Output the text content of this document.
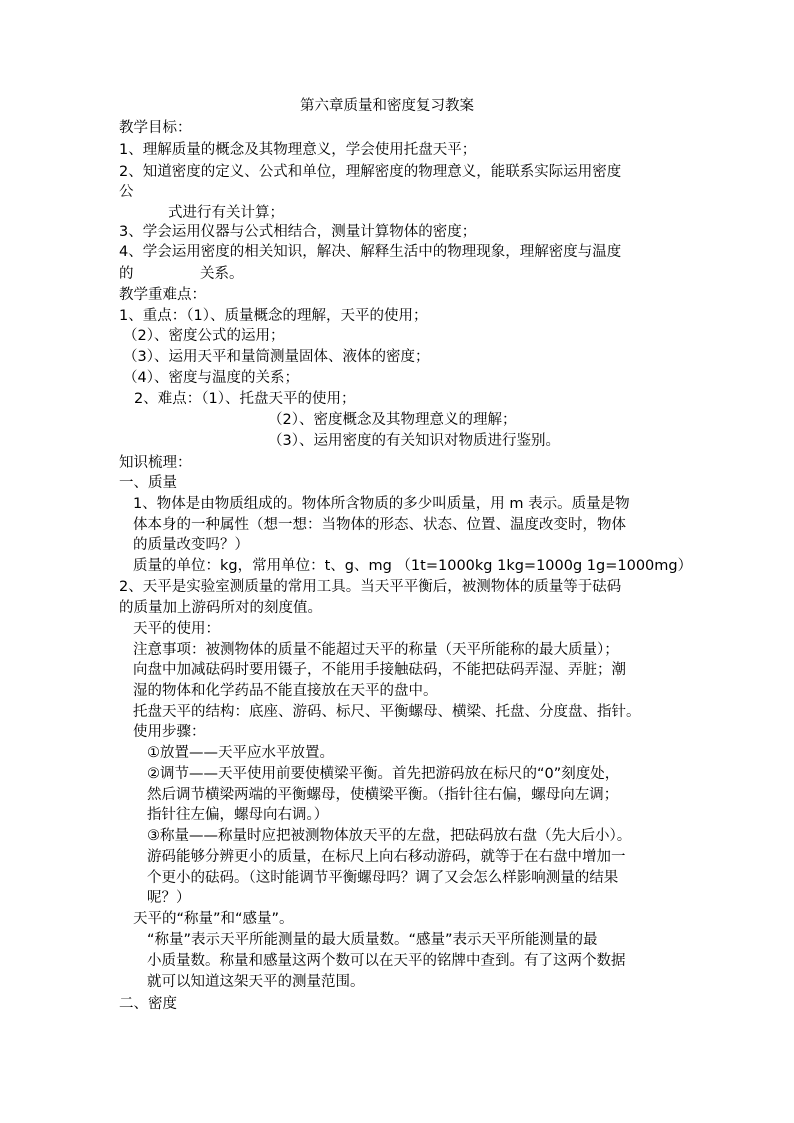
第六章质量和密度复习教案
教学目标：
1、理解质量的概念及其物理意义，学会使用托盘天平；
2、知道密度的定义、公式和单位，理解密度的物理意义，能联系实际运用密度
公
式进行有关计算；
3、学会运用仪器与公式相结合，测量计算物体的密度；
4、学会运用密度的相关知识，解决、解释生活中的物理现象，理解密度与温度
的	关系。
教学重难点：
1、重点：（1）、质量概念的理解，天平的使用；
（2）、密度公式的运用；
（3）、运用天平和量筒测量固体、液体的密度；
（4）、密度与温度的关系；
2、难点：（1）、托盘天平的使用；
（2）、密度概念及其物理意义的理解；
（3）、运用密度的有关知识对物质进行鉴别。
知识梳理：
一、质量
1、物体是由物质组成的。物体所含物质的多少叫质量，用 m 表示。质量是物
体本身的一种属性（想一想：当物体的形态、状态、位置、温度改变时，物体
的质量改变吗？）
质量的单位：kg，常用单位：t、g、mg （1t=1000kg 1kg=1000g 1g=1000mg）
2、天平是实验室测质量的常用工具。当天平平衡后，被测物体的质量等于砝码
的质量加上游码所对的刻度值。
天平的使用：
注意事项：被测物体的质量不能超过天平的称量（天平所能称的最大质量）；
向盘中加减砝码时要用镊子，不能用手接触砝码，不能把砝码弄湿、弄脏；潮
湿的物体和化学药品不能直接放在天平的盘中。
托盘天平的结构：底座、游码、标尺、平衡螺母、横梁、托盘、分度盘、指针。
使用步骤：
①放置——天平应水平放置。
②调节——天平使用前要使横梁平衡。首先把游码放在标尺的“0”刻度处，
然后调节横梁两端的平衡螺母，使横梁平衡。（指针往右偏，螺母向左调；
指针往左偏，螺母向右调。）
③称量——称量时应把被测物体放天平的左盘，把砝码放右盘（先大后小）。
游码能够分辨更小的质量，在标尺上向右移动游码，就等于在右盘中增加一
个更小的砝码。（这时能调节平衡螺母吗？调了又会怎么样影响测量的结果
呢？）
天平的“称量”和“感量”。
“称量”表示天平所能测量的最大质量数。“感量”表示天平所能测量的最
小质量数。称量和感量这两个数可以在天平的铭牌中查到。有了这两个数据
就可以知道这架天平的测量范围。
二、密度
